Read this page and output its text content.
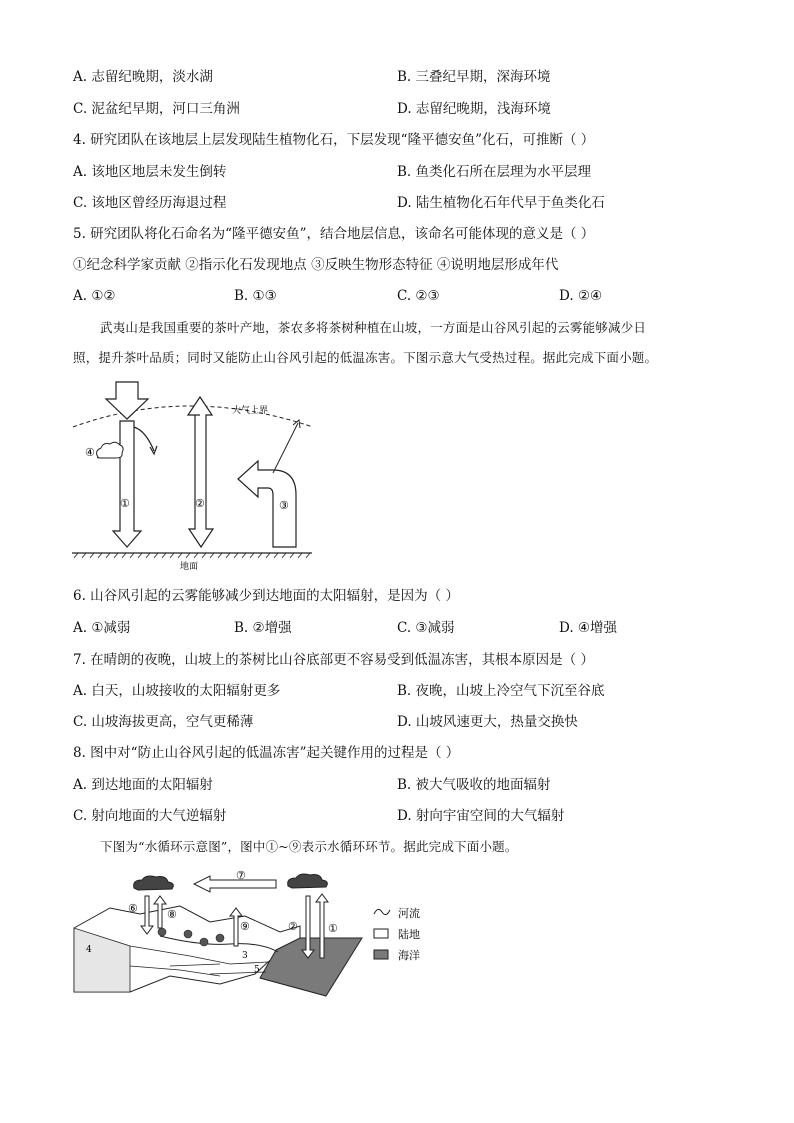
A. 志留纪晚期，淡水湖	B. 三叠纪早期，深海环境
C. 泥盆纪早期，河口三角洲	D. 志留纪晚期，浅海环境
4. 研究团队在该地层上层发现陆生植物化石，下层发现“隆平德安鱼”化石，可推断（ ）
A. 该地区地层未发生倒转	B. 鱼类化石所在层理为水平层理
C. 该地区曾经历海退过程	D. 陆生植物化石年代早于鱼类化石
5. 研究团队将化石命名为“隆平德安鱼”，结合地层信息，该命名可能体现的意义是（ ）
①纪念科学家贡献 ②指示化石发现地点 ③反映生物形态特征 ④说明地层形成年代
A. ①②	B. ①③	C. ②③	D. ②④
武夷山是我国重要的茶叶产地，茶农多将茶树种植在山坡，一方面是山谷风引起的云雾能够减少日
照，提升茶叶品质；同时又能防止山谷风引起的低温冻害。下图示意大气受热过程。据此完成下面小题。
大气上界
①
④
②	③
地面
6. 山谷风引起的云雾能够减少到达地面的太阳辐射，是因为（ ）
A. ①减弱	B. ②增强	C. ③减弱	D. ④增强
7. 在晴朗的夜晚，山坡上的茶树比山谷底部更不容易受到低温冻害，其根本原因是（ ）
A. 白天，山坡接收的太阳辐射更多	B. 夜晚，山坡上冷空气下沉至谷底
C. 山坡海拔更高，空气更稀薄	D. 山坡风速更大，热量交换快
8. 图中对“防止山谷风引起的低温冻害”起关键作用的过程是（ ）
A. 到达地面的太阳辐射	B. 被大气吸收的地面辐射
C. 射向地面的大气逆辐射	D. 射向宇宙空间的大气辐射
下图为“水循环示意图”，图中①~⑨表示水循环环节。据此完成下面小题。
⑦
⑥	⑧
⑨	②	①
3
4
5
河流
陆地
海洋
